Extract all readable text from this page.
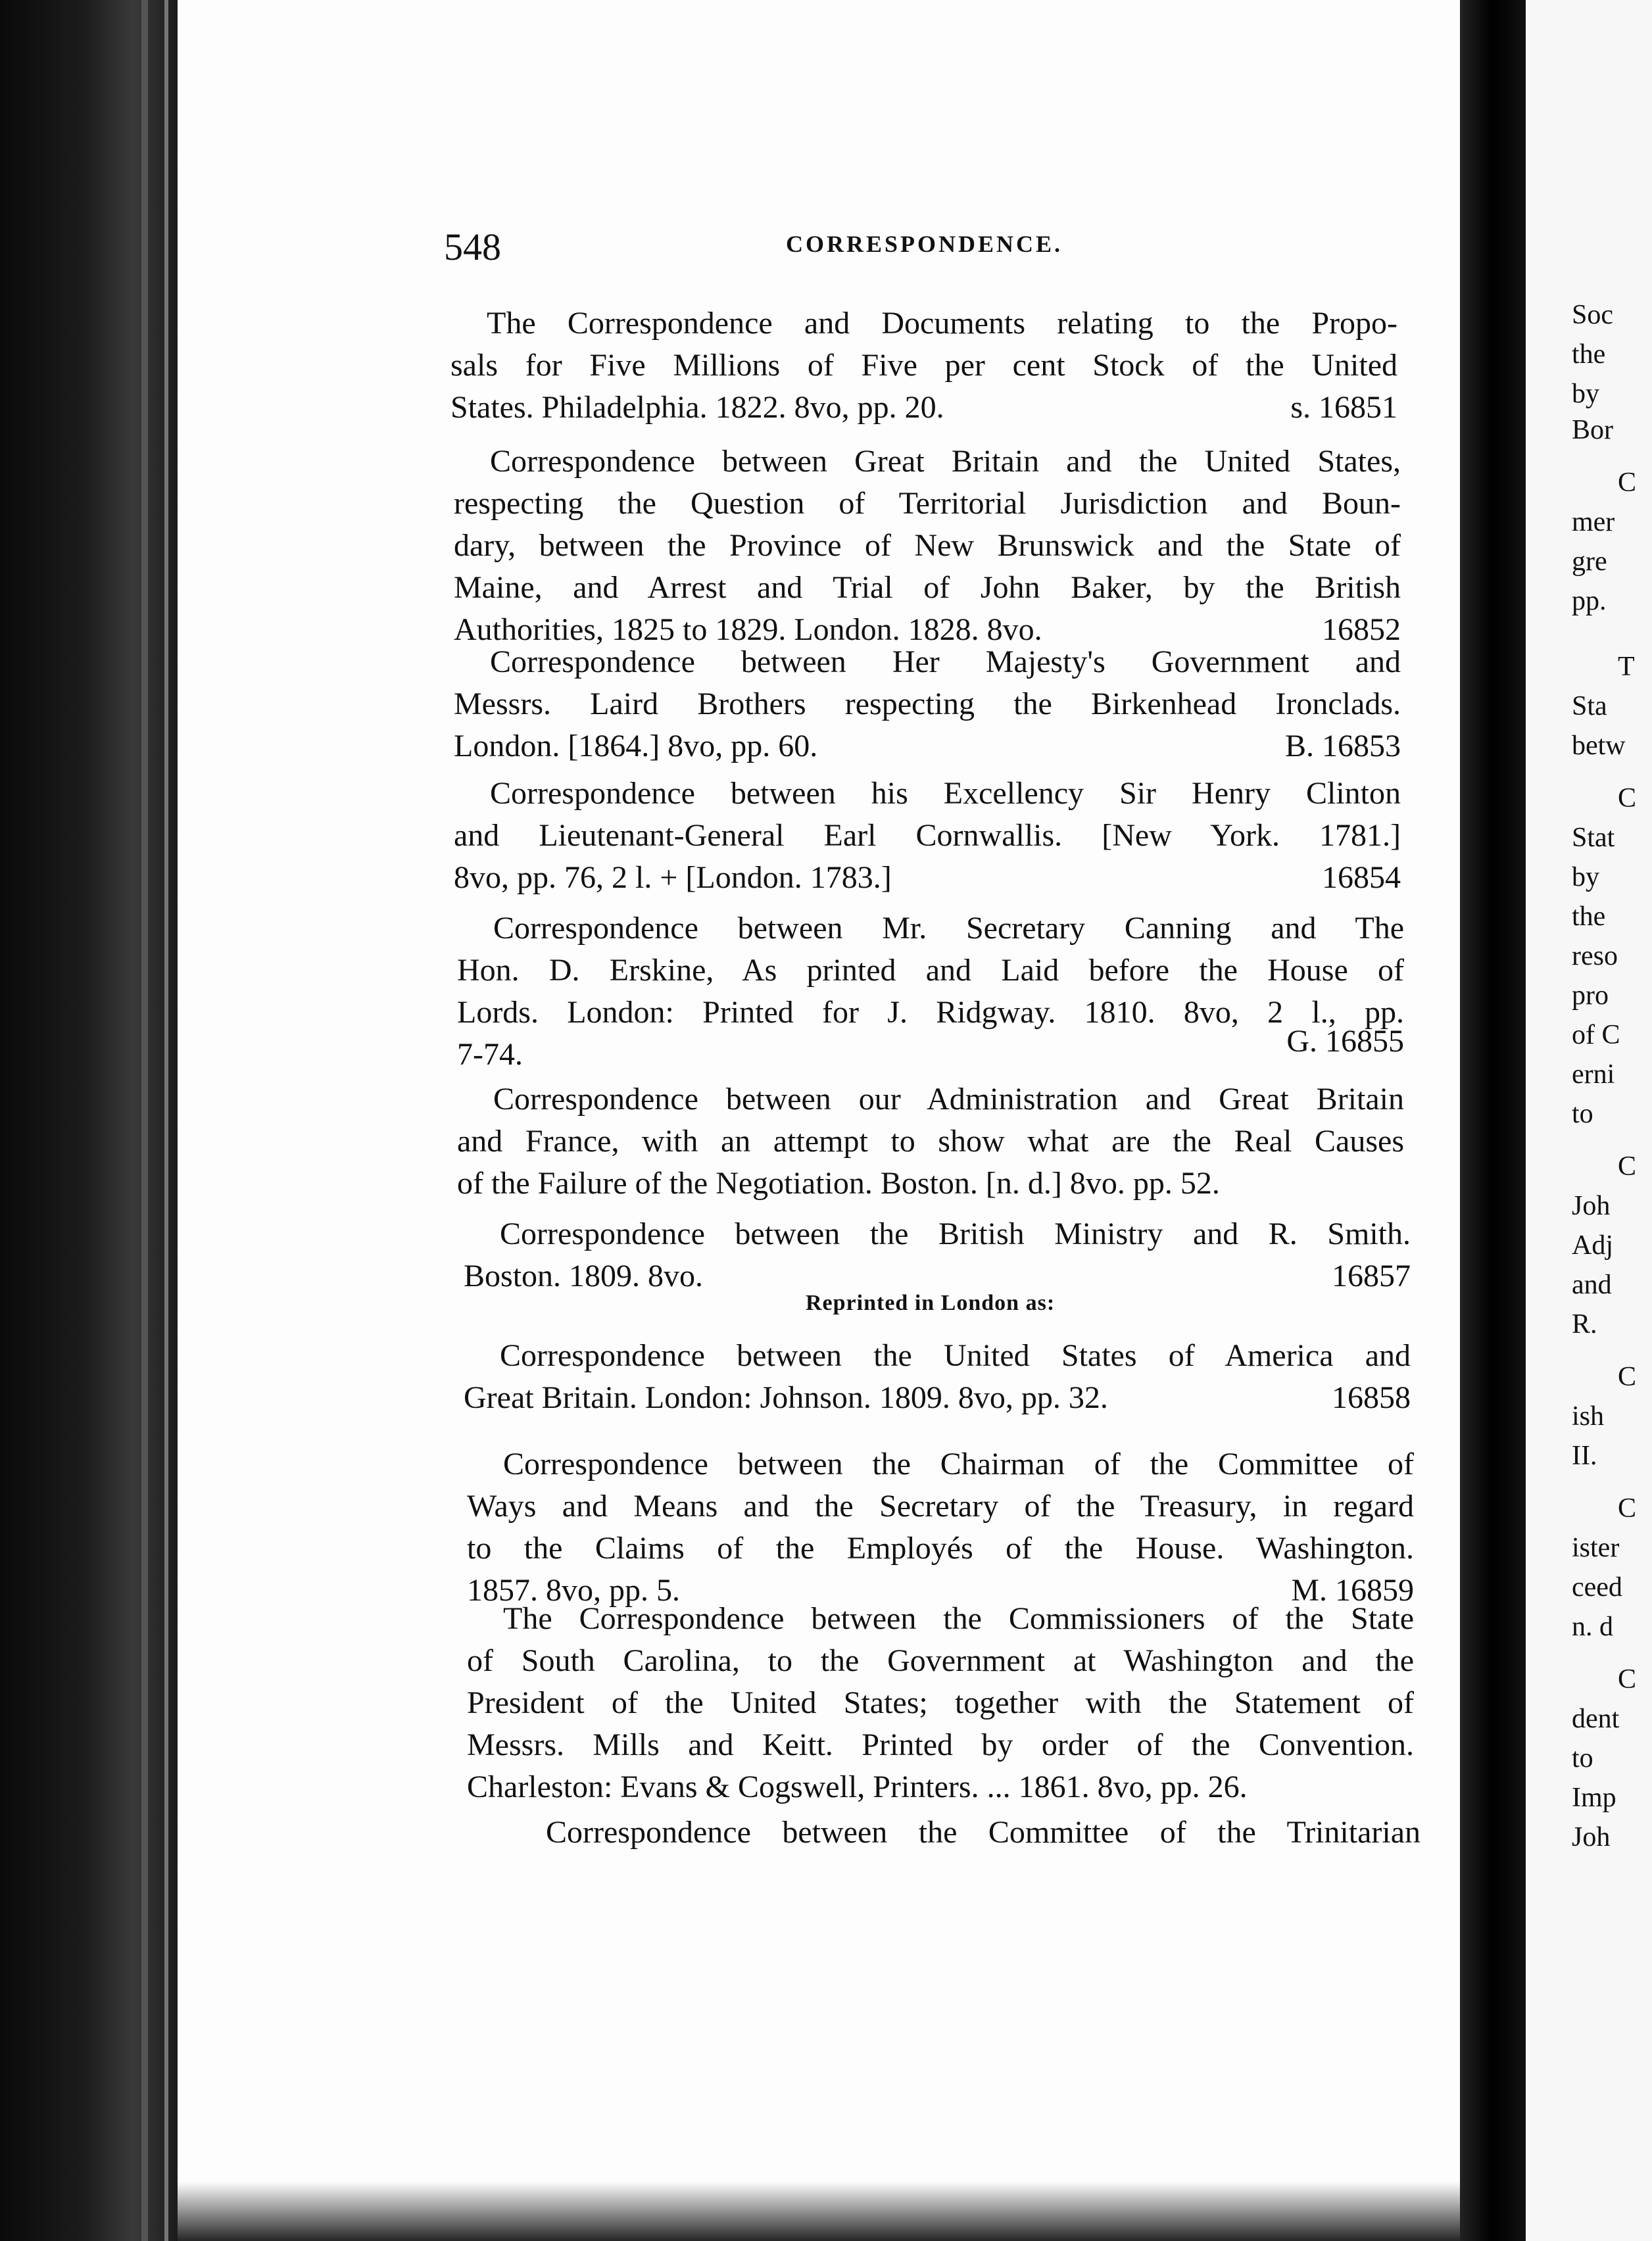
Soc
the
by
Bor
C
mer
gre
pp.
T
Sta
betw
C
Stat
by
the
reso
pro
of C
erni
to
C
Joh
Adj
and
R.
C
ish
II.
C
ister
ceed
n. d
C
dent
to
Imp
Joh
548	CORRESPONDENCE.
The Correspondence and Documents relating to the Propo-
sals for Five Millions of Five per cent Stock of the United
States. Philadelphia. 1822. 8vo, pp. 20.	s. 16851
Correspondence between Great Britain and the United States,
respecting the Question of Territorial Jurisdiction and Boun-
dary, between the Province of New Brunswick and the State of
Maine, and Arrest and Trial of John Baker, by the British
Authorities, 1825 to 1829. London. 1828. 8vo.	16852
Correspondence between Her Majesty's Government and
Messrs. Laird Brothers respecting the Birkenhead Ironclads.
London. [1864.] 8vo, pp. 60.	B. 16853
Correspondence between his Excellency Sir Henry Clinton
and Lieutenant-General Earl Cornwallis. [New York. 1781.]
8vo, pp. 76, 2 l. + [London. 1783.]	16854
Correspondence between Mr. Secretary Canning and The
Hon. D. Erskine, As printed and Laid before the House of
Lords. London: Printed for J. Ridgway. 1810. 8vo, 2 l., pp.
7-74.	G. 16855
Correspondence between our Administration and Great Britain
and France, with an attempt to show what are the Real Causes
of the Failure of the Negotiation. Boston. [n. d.] 8vo. pp. 52.
Correspondence between the British Ministry and R. Smith.
Boston. 1809. 8vo.	16857
Correspondence between the United States of America and
Great Britain. London: Johnson. 1809. 8vo, pp. 32.	16858
Correspondence between the Chairman of the Committee of
Ways and Means and the Secretary of the Treasury, in regard
to the Claims of the Employés of the House. Washington.
1857. 8vo, pp. 5.	M. 16859
The Correspondence between the Commissioners of the State
of South Carolina, to the Government at Washington and the
President of the United States; together with the Statement of
Messrs. Mills and Keitt. Printed by order of the Convention.
Charleston: Evans & Cogswell, Printers. ... 1861. 8vo, pp. 26.
Correspondence between the Committee of the Trinitarian
Reprinted in London as:
